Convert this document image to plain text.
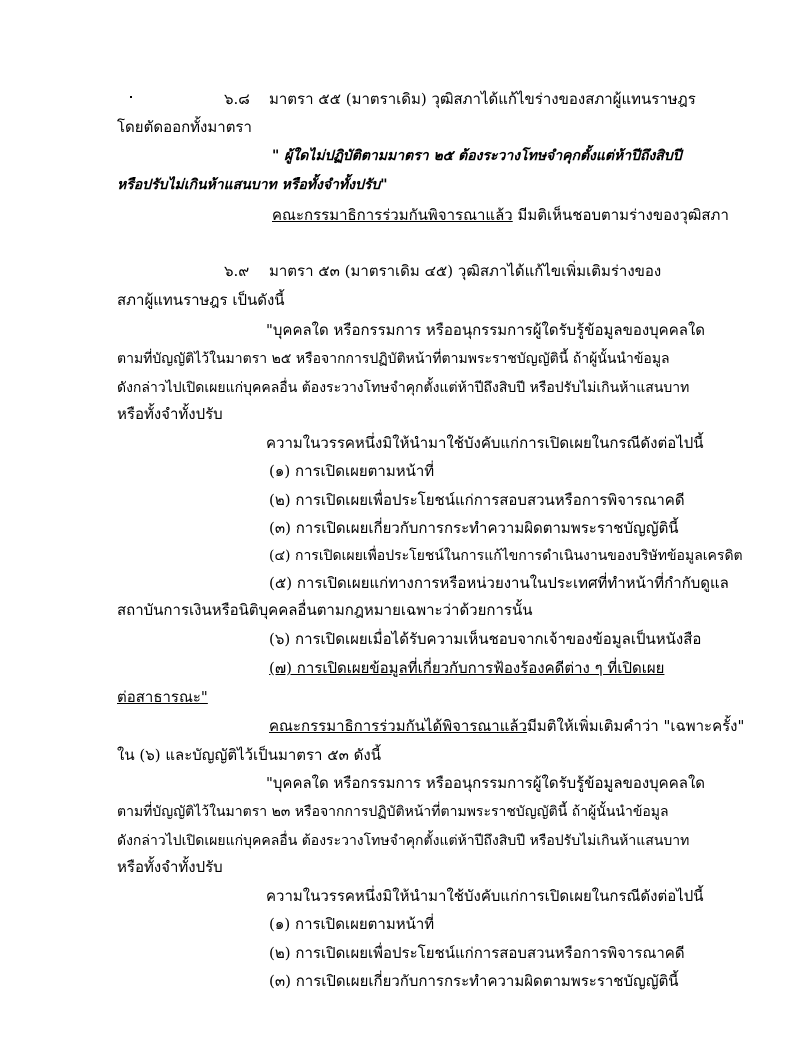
๖.๘ มาตรา ๕๕ (มาตราเดิม) วุฒิสภาได้แก้ไขร่างของสภาผู้แทนราษฎร
โดยตัดออกทั้งมาตรา
" ผู้ใดไม่ปฏิบัติตามมาตรา ๒๕ ต้องระวางโทษจำคุกตั้งแต่ห้าปีถึงสิบปี
หรือปรับไม่เกินห้าแสนบาท หรือทั้งจำทั้งปรับ"
คณะกรรมาธิการร่วมกันพิจารณาแล้ว มีมติเห็นชอบตามร่างของวุฒิสภา
๖.๙ มาตรา ๕๓ (มาตราเดิม ๔๕) วุฒิสภาได้แก้ไขเพิ่มเติมร่างของ
สภาผู้แทนราษฎร เป็นดังนี้
"บุคคลใด หรือกรรมการ หรืออนุกรรมการผู้ใดรับรู้ข้อมูลของบุคคลใด
ตามที่บัญญัติไว้ในมาตรา ๒๕ หรือจากการปฏิบัติหน้าที่ตามพระราชบัญญัตินี้ ถ้าผู้นั้นนำข้อมูล
ดังกล่าวไปเปิดเผยแก่บุคคลอื่น ต้องระวางโทษจำคุกตั้งแต่ห้าปีถึงสิบปี หรือปรับไม่เกินห้าแสนบาท
หรือทั้งจำทั้งปรับ
ความในวรรคหนึ่งมิให้นำมาใช้บังคับแก่การเปิดเผยในกรณีดังต่อไปนี้
(๑) การเปิดเผยตามหน้าที่
(๒) การเปิดเผยเพื่อประโยชน์แก่การสอบสวนหรือการพิจารณาคดี
(๓) การเปิดเผยเกี่ยวกับการกระทำความผิดตามพระราชบัญญัตินี้
(๔) การเปิดเผยเพื่อประโยชน์ในการแก้ไขการดำเนินงานของบริษัทข้อมูลเครดิต
(๕) การเปิดเผยแก่ทางการหรือหน่วยงานในประเทศที่ทำหน้าที่กำกับดูแล
สถาบันการเงินหรือนิติบุคคลอื่นตามกฎหมายเฉพาะว่าด้วยการนั้น
(๖) การเปิดเผยเมื่อได้รับความเห็นชอบจากเจ้าของข้อมูลเป็นหนังสือ
(๗) การเปิดเผยข้อมูลที่เกี่ยวกับการฟ้องร้องคดีต่าง ๆ ที่เปิดเผย
ต่อสาธารณะ"
คณะกรรมาธิการร่วมกันได้พิจารณาแล้วมีมติให้เพิ่มเติมคำว่า "เฉพาะครั้ง"
ใน (๖) และบัญญัติไว้เป็นมาตรา ๕๓ ดังนี้
"บุคคลใด หรือกรรมการ หรืออนุกรรมการผู้ใดรับรู้ข้อมูลของบุคคลใด
ตามที่บัญญัติไว้ในมาตรา ๒๓ หรือจากการปฏิบัติหน้าที่ตามพระราชบัญญัตินี้ ถ้าผู้นั้นนำข้อมูล
ดังกล่าวไปเปิดเผยแก่บุคคลอื่น ต้องระวางโทษจำคุกตั้งแต่ห้าปีถึงสิบปี หรือปรับไม่เกินห้าแสนบาท
หรือทั้งจำทั้งปรับ
ความในวรรคหนึ่งมิให้นำมาใช้บังคับแก่การเปิดเผยในกรณีดังต่อไปนี้
(๑) การเปิดเผยตามหน้าที่
(๒) การเปิดเผยเพื่อประโยชน์แก่การสอบสวนหรือการพิจารณาคดี
(๓) การเปิดเผยเกี่ยวกับการกระทำความผิดตามพระราชบัญญัตินี้
